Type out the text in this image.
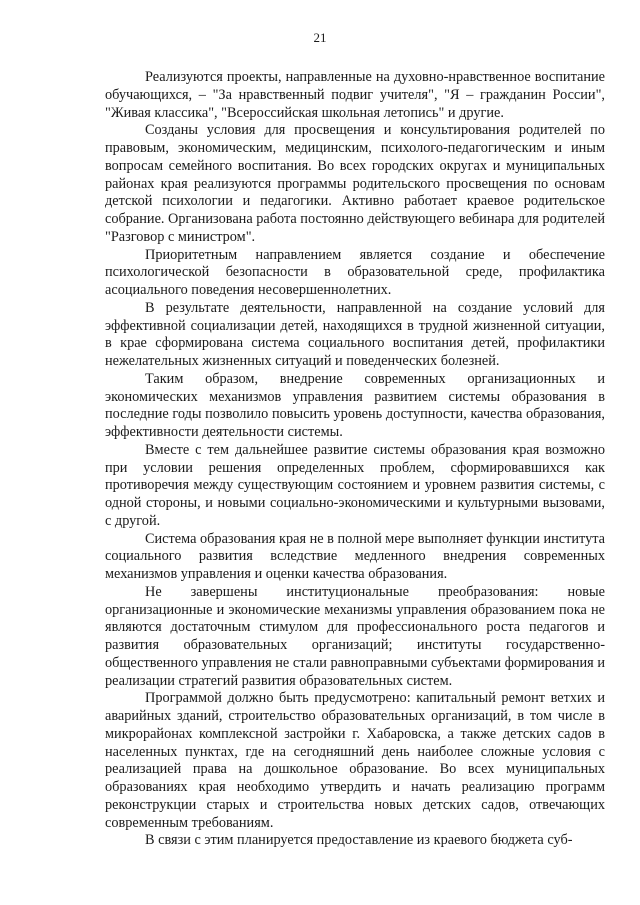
21

Реализуются проекты, направленные на духовно-нравственное воспитание обучающихся, – "За нравственный подвиг учителя", "Я – гражданин России", "Живая классика", "Всероссийская школьная летопись" и другие.

Созданы условия для просвещения и консультирования родителей по правовым, экономическим, медицинским, психолого-педагогическим и иным вопросам семейного воспитания. Во всех городских округах и муниципальных районах края реализуются программы родительского просвещения по основам детской психологии и педагогики. Активно работает краевое родительское собрание. Организована работа постоянно действующего вебинара для родителей "Разговор с министром".

Приоритетным направлением является создание и обеспечение психологической безопасности в образовательной среде, профилактика асоциального поведения несовершеннолетних.

В результате деятельности, направленной на создание условий для эффективной социализации детей, находящихся в трудной жизненной ситуации, в крае сформирована система социального воспитания детей, профилактики нежелательных жизненных ситуаций и поведенческих болезней.

Таким образом, внедрение современных организационных и экономических механизмов управления развитием системы образования в последние годы позволило повысить уровень доступности, качества образования, эффективности деятельности системы.

Вместе с тем дальнейшее развитие системы образования края возможно при условии решения определенных проблем, сформировавшихся как противоречия между существующим состоянием и уровнем развития системы, с одной стороны, и новыми социально-экономическими и культурными вызовами, с другой.

Система образования края не в полной мере выполняет функции института социального развития вследствие медленного внедрения современных механизмов управления и оценки качества образования.

Не завершены институциональные преобразования: новые организационные и экономические механизмы управления образованием пока не являются достаточным стимулом для профессионального роста педагогов и развития образовательных организаций; институты государственно-общественного управления не стали равноправными субъектами формирования и реализации стратегий развития образовательных систем.

Программой должно быть предусмотрено: капитальный ремонт ветхих и аварийных зданий, строительство образовательных организаций, в том числе в микрорайонах комплексной застройки г. Хабаровска, а также детских садов в населенных пунктах, где на сегодняшний день наиболее сложные условия с реализацией права на дошкольное образование. Во всех муниципальных образованиях края необходимо утвердить и начать реализацию программ реконструкции старых и строительства новых детских садов, отвечающих современным требованиям.

В связи с этим планируется предоставление из краевого бюджета суб-
